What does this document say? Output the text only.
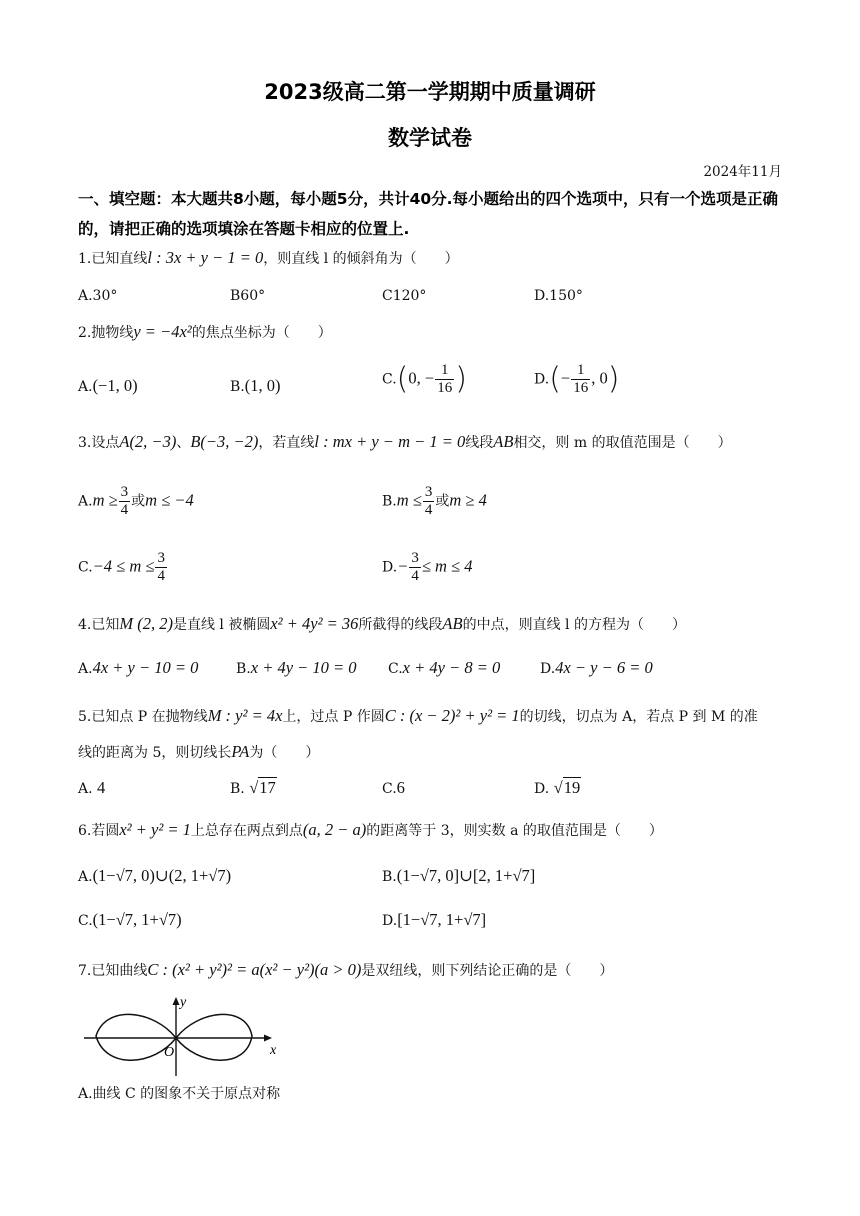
2023级高二第一学期期中质量调研
数学试卷
2024年11月
一、填空题：本大题共8小题，每小题5分，共计40分.每小题给出的四个选项中，只有一个选项是正确的，请把正确的选项填涂在答题卡相应的位置上.
1.已知直线l : 3x + y − 1 = 0，则直线 l 的倾斜角为（　　）
A.30°	B60°	C120°	D.150°
2.抛物线y = −4x²的焦点坐标为（　　）
A.(−1, 0)	B.(1, 0)	C.(0, − $\frac{1}{16}$ )	$D.(- \frac{1}{16}$ , 0)
3.设点A(2, −3)、B(−3, −2)，若直线l : mx + y − m − 1 = 0线段AB相交，则 m 的取值范围是（　　）
$A.m \ge \frac{3}{4}$ 或m ≤ −4	$B.m \le \frac{3}{4}$ 或m ≥ 4
$C.-4 \le m \le \frac{3}{4}$	$D.- \frac{3}{4} \le m \le 4$
4.已知M (2, 2)是直线 l 被椭圆x² + 4y² = 36所截得的线段AB的中点，则直线 l 的方程为（　　）
A.4x + y − 10 = 0	B.x + 4y − 10 = 0 C.x + 4y − 8 = 0	D.4x − y − 6 = 0
5.已知点 P 在抛物线M : y² = 4x上，过点 P 作圆C : (x − 2)² + y² = 1的切线，切点为 A，若点 P 到 M 的准
线的距离为 5，则切线长PA为（　　）
A. 4	B. √17	C.6	D. √19
6.若圆x² + y² = 1上总存在两点到点(a, 2 − a)的距离等于 3，则实数 a 的取值范围是（　　）
A.(1−√7, 0)∪(2, 1+√7)	B.(1−√7, 0]∪[2, 1+√7]
C.(1−√7, 1+√7)	D.[1−√7, 1+√7]
7.已知曲线C : (x² + y²)² = a(x² − y²)(a > 0)是双纽线，则下列结论正确的是（　　）
x
y
O
A.曲线 C 的图象不关于原点对称
